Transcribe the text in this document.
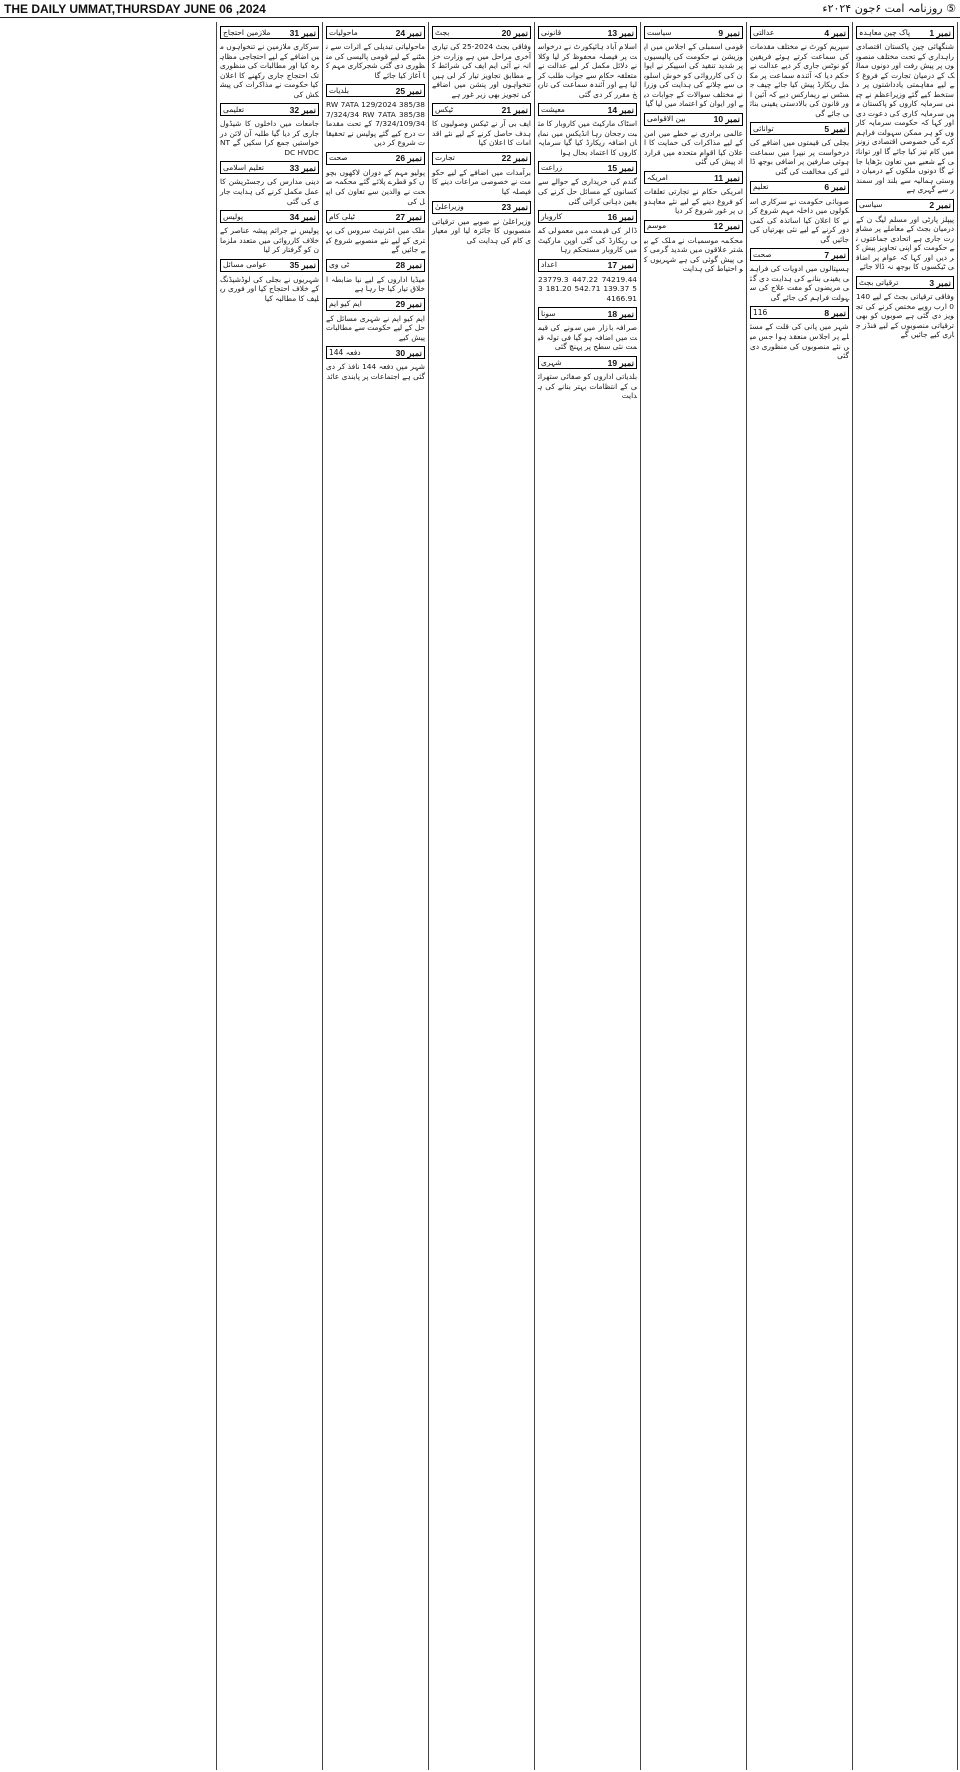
THE DAILY UMMAT,THURSDAY JUNE 06 ,2024	⑤ روزنامہ امت ۶جون ۲۰۲۴ء
نمبر 1
پاک چین معاہدہ
شنگھائی چین پاکستان اقتصادی راہداری کے تحت مختلف منصوبوں پر پیش رفت اور دونوں ممالک کے درمیان تجارت کے فروغ کے لیے مفاہمتی یادداشتوں پر دستخط کیے گئے وزیراعظم نے چینی سرمایہ کاروں کو پاکستان میں سرمایہ کاری کی دعوت دی اور کہا کہ حکومت سرمایہ کاروں کو ہر ممکن سہولت فراہم کرے گی خصوصی اقتصادی زونز میں کام تیز کیا جائے گا اور توانائی کے شعبے میں تعاون بڑھایا جائے گا دونوں ملکوں کے درمیان دوستی ہمالیہ سے بلند اور سمندر سے گہری ہے
نمبر 2
سیاسی
پیپلز پارٹی اور مسلم لیگ ن کے درمیان بجٹ کے معاملے پر مشاورت جاری ہے اتحادی جماعتوں نے حکومت کو اپنی تجاویز پیش کر دیں اور کہا کہ عوام پر اضافی ٹیکسوں کا بوجھ نہ ڈالا جائے
نمبر 3
ترقیاتی بجٹ
وفاقی ترقیاتی بجٹ کے لیے 1400 ارب روپے مختص کرنے کی تجویز دی گئی ہے صوبوں کو بھی ترقیاتی منصوبوں کے لیے فنڈز جاری کیے جائیں گے
نمبر 4
عدالتی
سپریم کورٹ نے مختلف مقدمات کی سماعت کرتے ہوئے فریقین کو نوٹس جاری کر دیے عدالت نے حکم دیا کہ آئندہ سماعت پر مکمل ریکارڈ پیش کیا جائے چیف جسٹس نے ریمارکس دیے کہ آئین اور قانون کی بالادستی یقینی بنائی جائے گی
نمبر 5
توانائی
بجلی کی قیمتوں میں اضافے کی درخواست پر نیپرا میں سماعت ہوئی صارفین پر اضافی بوجھ ڈالنے کی مخالفت کی گئی
نمبر 6
تعلیم
صوبائی حکومت نے سرکاری اسکولوں میں داخلہ مہم شروع کرنے کا اعلان کیا اساتذہ کی کمی دور کرنے کے لیے نئی بھرتیاں کی جائیں گی
نمبر 7
صحت
ہسپتالوں میں ادویات کی فراہمی یقینی بنانے کی ہدایت دی گئی مریضوں کو مفت علاج کی سہولت فراہم کی جائے گی
نمبر 8
116
شہر میں پانی کی قلت کے مسئلے پر اجلاس منعقد ہوا جس میں نئے منصوبوں کی منظوری دی گئی
نمبر 9
سیاست
قومی اسمبلی کے اجلاس میں اپوزیشن نے حکومت کی پالیسیوں پر شدید تنقید کی اسپیکر نے ایوان کی کارروائی کو خوش اسلوبی سے چلانے کی ہدایت کی وزرا نے مختلف سوالات کے جوابات دیے اور ایوان کو اعتماد میں لیا گیا
نمبر 10
بین الاقوامی
عالمی برادری نے خطے میں امن کے لیے مذاکرات کی حمایت کا اعلان کیا اقوام متحدہ میں قرارداد پیش کی گئی
نمبر 11
امریکہ
امریکی حکام نے تجارتی تعلقات کو فروغ دینے کے لیے نئے معاہدوں پر غور شروع کر دیا
نمبر 12
موسم
محکمہ موسمیات نے ملک کے بیشتر علاقوں میں شدید گرمی کی پیش گوئی کی ہے شہریوں کو احتیاط کی ہدایت
نمبر 13
قانونی
اسلام آباد ہائیکورٹ نے درخواست پر فیصلہ محفوظ کر لیا وکلا نے دلائل مکمل کر لیے عدالت نے متعلقہ حکام سے جواب طلب کر لیا ہے اور آئندہ سماعت کی تاریخ مقرر کر دی گئی
نمبر 14
معیشت
اسٹاک مارکیٹ میں کاروبار کا مثبت رجحان رہا انڈیکس میں نمایاں اضافہ ریکارڈ کیا گیا سرمایہ کاروں کا اعتماد بحال ہوا
نمبر 15
زراعت
گندم کی خریداری کے حوالے سے کسانوں کے مسائل حل کرنے کی یقین دہانی کرائی گئی
نمبر 16
کاروبار
ڈالر کی قیمت میں معمولی کمی ریکارڈ کی گئی اوپن مارکیٹ میں کاروبار مستحکم رہا
نمبر 17
اعداد
74219.44 447.22 23779.35 139.37 542.71 181.20 34166.91
نمبر 18
سونا
صرافہ بازار میں سونے کی قیمت میں اضافہ ہو گیا فی تولہ قیمت نئی سطح پر پہنچ گئی
نمبر 19
شہری
بلدیاتی اداروں کو صفائی ستھرائی کے انتظامات بہتر بنانے کی ہدایت
نمبر 20
بجٹ
وفاقی بجٹ 2024-25 کی تیاری آخری مراحل میں ہے وزارت خزانہ نے آئی ایم ایف کی شرائط کے مطابق تجاویز تیار کر لی ہیں تنخواہوں اور پنشن میں اضافے کی تجویز بھی زیر غور ہے
نمبر 21
ٹیکس
ایف بی آر نے ٹیکس وصولیوں کا ہدف حاصل کرنے کے لیے نئے اقدامات کا اعلان کیا
نمبر 22
تجارت
برآمدات میں اضافے کے لیے حکومت نے خصوصی مراعات دینے کا فیصلہ کیا
نمبر 23
وزیراعلیٰ
وزیراعلیٰ نے صوبے میں ترقیاتی منصوبوں کا جائزہ لیا اور معیاری کام کی ہدایت کی
نمبر 24
ماحولیات
ماحولیاتی تبدیلی کے اثرات سے نمٹنے کے لیے قومی پالیسی کی منظوری دی گئی شجرکاری مہم کا آغاز کیا جائے گا
نمبر 25
بلدیات
RW 7ATA 129/2024 385/387/324/34 RW 7ATA 385/387/324/109/34 کے تحت مقدمات درج کیے گئے پولیس نے تحقیقات شروع کر دیں
نمبر 26
صحت
پولیو مہم کے دوران لاکھوں بچوں کو قطرے پلائے گئے محکمہ صحت نے والدین سے تعاون کی اپیل کی
نمبر 27
ٹیلی کام
ملک میں انٹرنیٹ سروس کی بہتری کے لیے نئے منصوبے شروع کیے جائیں گے
نمبر 28
ٹی وی
میڈیا اداروں کے لیے نیا ضابطہ اخلاق تیار کیا جا رہا ہے
نمبر 29
ایم کیو ایم
ایم کیو ایم نے شہری مسائل کے حل کے لیے حکومت سے مطالبات پیش کیے
نمبر 30
دفعہ 144
شہر میں دفعہ 144 نافذ کر دی گئی ہے اجتماعات پر پابندی عائد
نمبر 31
ملازمین احتجاج
سرکاری ملازمین نے تنخواہوں میں اضافے کے لیے احتجاجی مظاہرہ کیا اور مطالبات کی منظوری تک احتجاج جاری رکھنے کا اعلان کیا حکومت نے مذاکرات کی پیشکش کی
نمبر 32
تعلیمی
جامعات میں داخلوں کا شیڈول جاری کر دیا گیا طلبہ آن لائن درخواستیں جمع کرا سکیں گے NTDC HVDC
نمبر 33
تعلیم اسلامی
دینی مدارس کی رجسٹریشن کا عمل مکمل کرنے کی ہدایت جاری کی گئی
نمبر 34
پولیس
پولیس نے جرائم پیشہ عناصر کے خلاف کارروائی میں متعدد ملزمان کو گرفتار کر لیا
نمبر 35
عوامی مسائل
شہریوں نے بجلی کی لوڈشیڈنگ کے خلاف احتجاج کیا اور فوری ریلیف کا مطالبہ کیا
